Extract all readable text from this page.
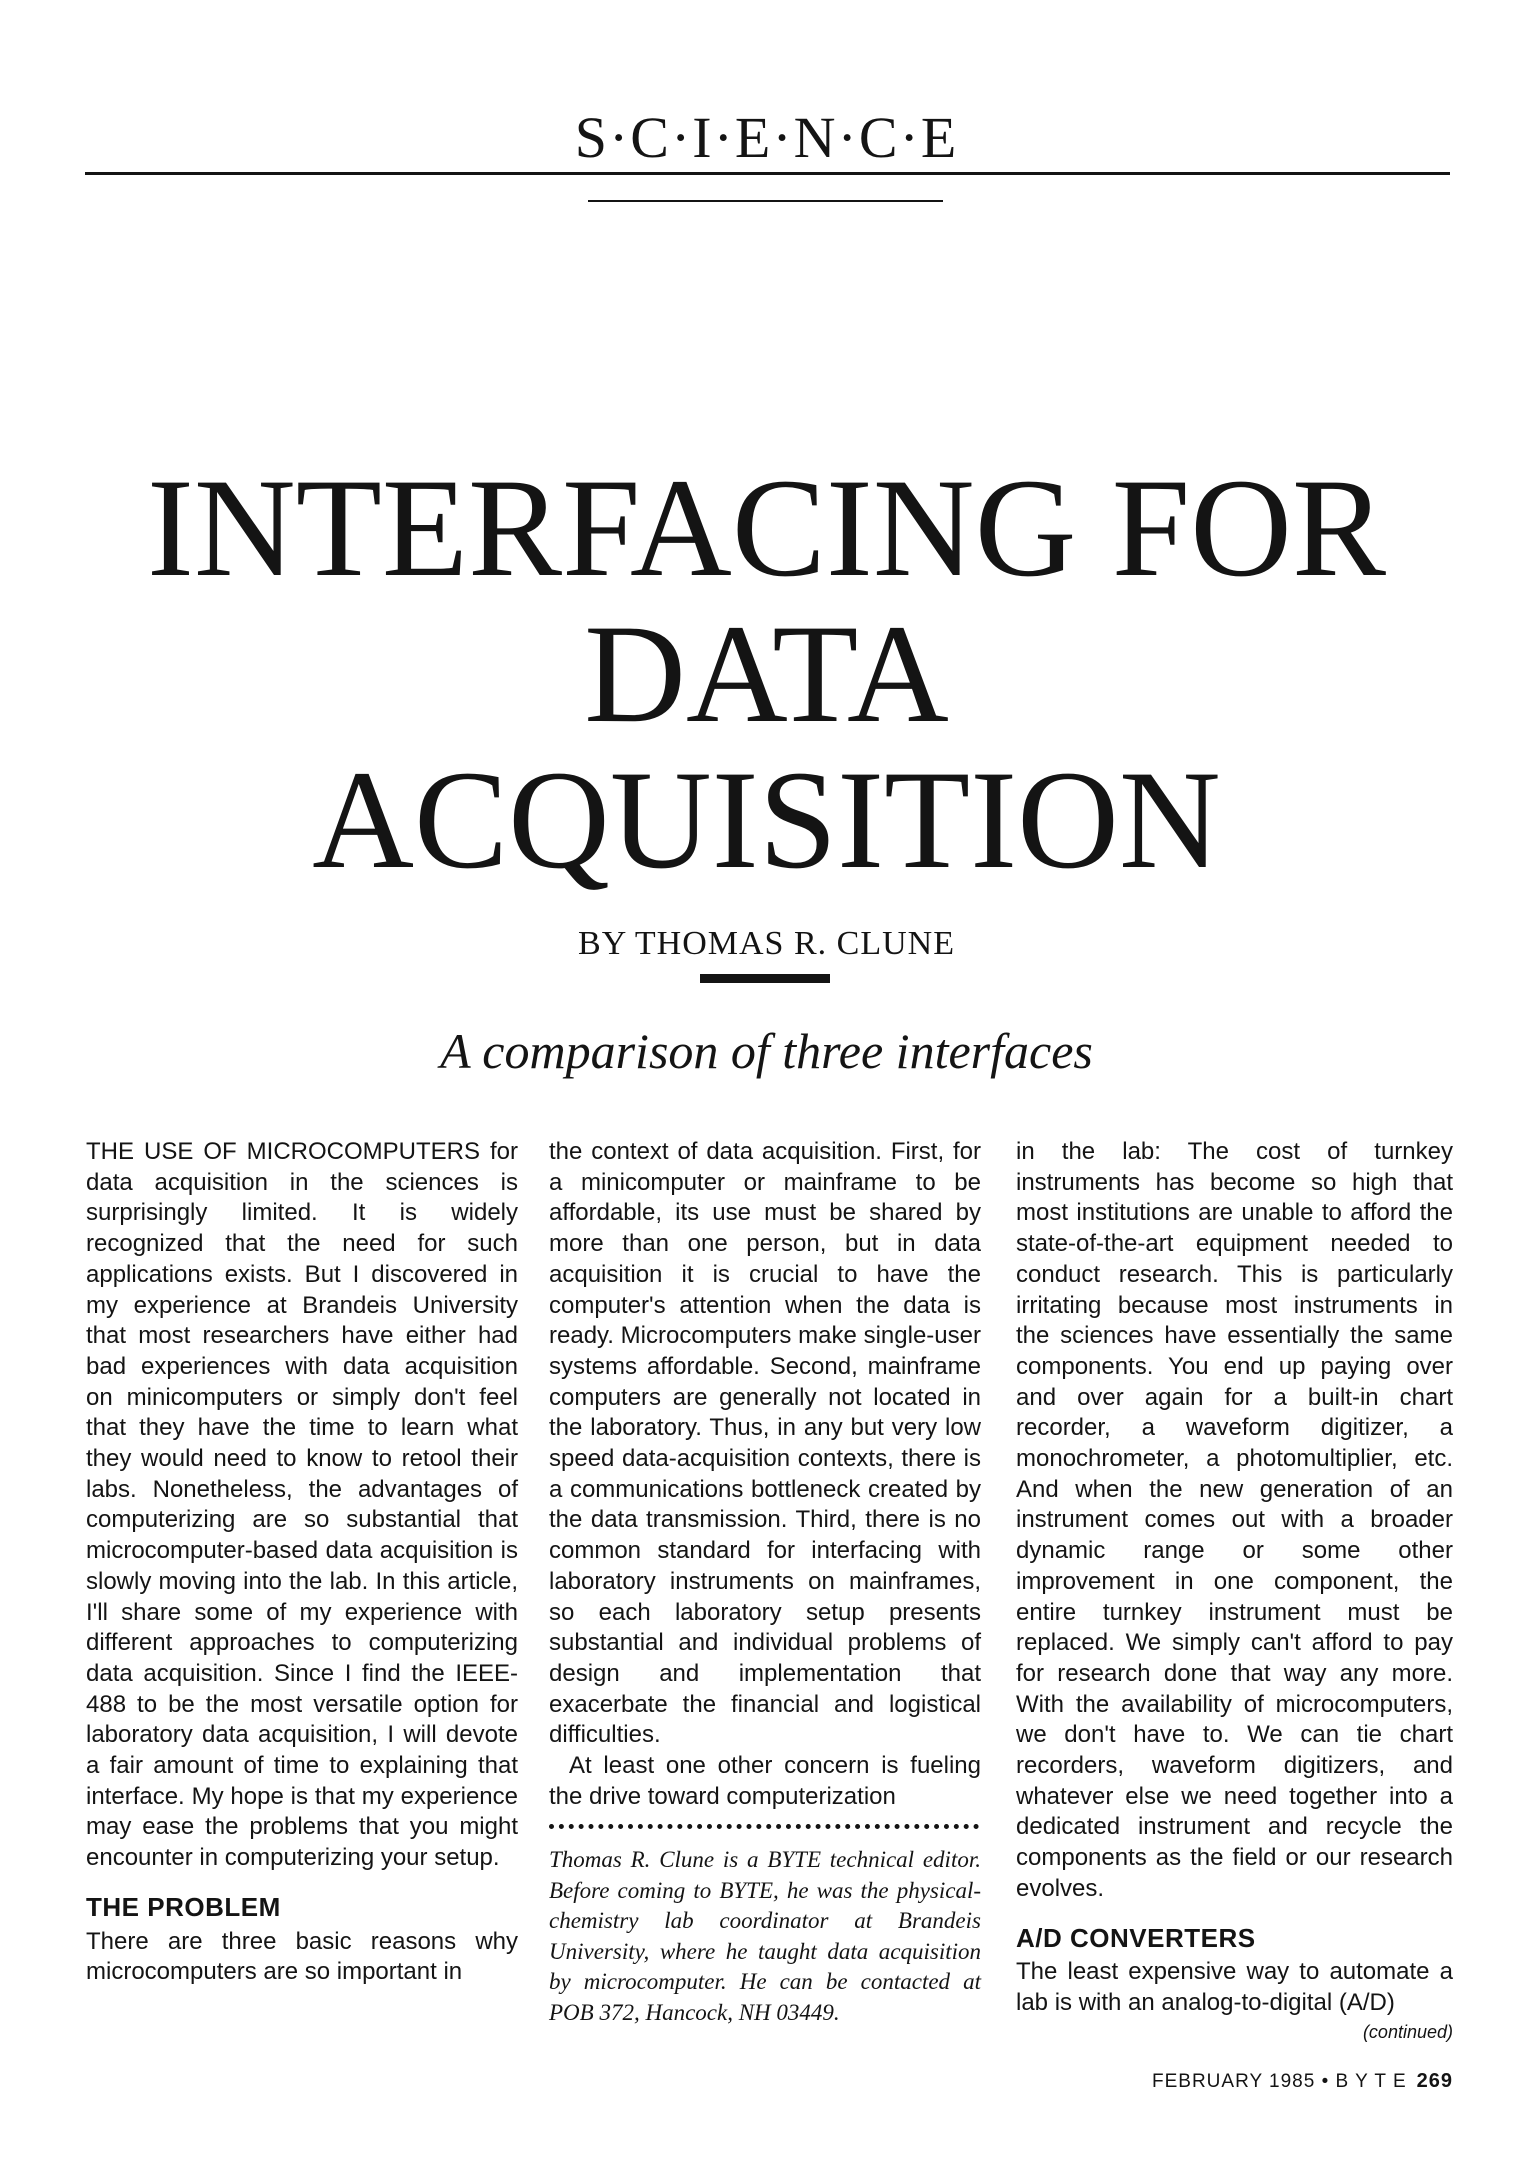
S·C·I·E·N·C·E
INTERFACING FOR
DATA
ACQUISITION
BY THOMAS R. CLUNE
A comparison of three interfaces

THE USE OF MICROCOMPUTERS for data acquisition in the sciences is surprisingly limited. It is widely recognized that the need for such applications exists. But I discovered in my experience at Brandeis University that most researchers have either had bad experiences with data acquisition on minicomputers or simply don't feel that they have the time to learn what they would need to know to retool their labs. Nonetheless, the advantages of computerizing are so substantial that microcomputer-based data acquisition is slowly moving into the lab. In this article, I'll share some of my experience with different approaches to computerizing data acquisition. Since I find the IEEE-488 to be the most versatile option for laboratory data acquisition, I will devote a fair amount of time to explaining that interface. My hope is that my experience may ease the problems that you might encounter in computerizing your setup.

THE PROBLEM

There are three basic reasons why microcomputers are so important in

the context of data acquisition. First, for a minicomputer or mainframe to be affordable, its use must be shared by more than one person, but in data acquisition it is crucial to have the computer's attention when the data is ready. Microcomputers make single-user systems affordable. Second, mainframe computers are generally not located in the laboratory. Thus, in any but very low speed data-acquisition contexts, there is a communications bottleneck created by the data transmission. Third, there is no common standard for interfacing with laboratory instruments on mainframes, so each laboratory setup presents substantial and individual problems of design and implementation that exacerbate the financial and logistical difficulties.

At least one other concern is fueling the drive toward computerization

Thomas R. Clune is a BYTE technical editor. Before coming to BYTE, he was the physical-chemistry lab coordinator at Brandeis University, where he taught data acquisition by microcomputer. He can be contacted at POB 372, Hancock, NH 03449.

in the lab: The cost of turnkey instruments has become so high that most institutions are unable to afford the state-of-the-art equipment needed to conduct research. This is particularly irritating because most instruments in the sciences have essentially the same components. You end up paying over and over again for a built-in chart recorder, a waveform digitizer, a monochrometer, a photomultiplier, etc. And when the new generation of an instrument comes out with a broader dynamic range or some other improvement in one component, the entire turnkey instrument must be replaced. We simply can't afford to pay for research done that way any more. With the availability of microcomputers, we don't have to. We can tie chart recorders, waveform digitizers, and whatever else we need together into a dedicated instrument and recycle the components as the field or our research evolves.

A/D CONVERTERS

The least expensive way to automate a lab is with an analog-to-digital (A/D)

(continued)
FEBRUARY 1985 • B Y T E 269
